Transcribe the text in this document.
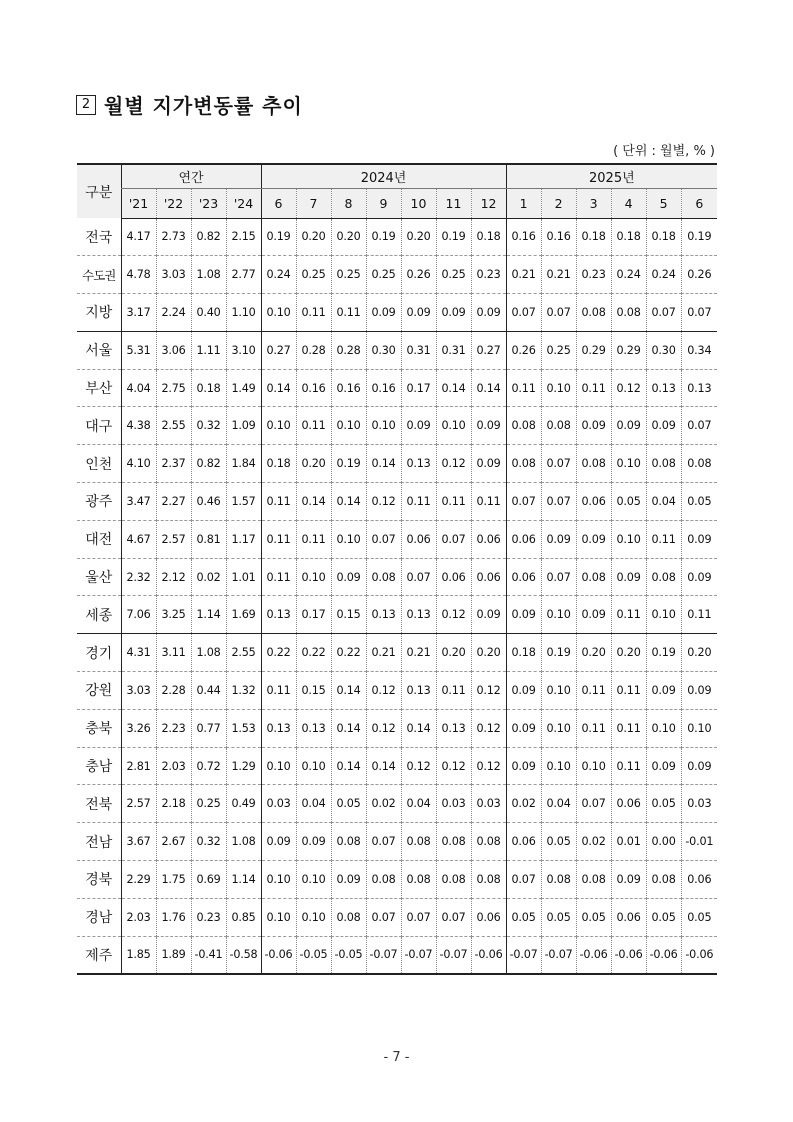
2 월별 지가변동률 추이
( 단위 : 월별, % )
구분	연간				2024년							2025년					
	'21	'22	'23	'24	6	7	8	9	10	11	12	1	2	3	4	5	6
전국	4.17	2.73	0.82	2.15	0.19	0.20	0.20	0.19	0.20	0.19	0.18	0.16	0.16	0.18	0.18	0.18	0.19
수도권	4.78	3.03	1.08	2.77	0.24	0.25	0.25	0.25	0.26	0.25	0.23	0.21	0.21	0.23	0.24	0.24	0.26
지방	3.17	2.24	0.40	1.10	0.10	0.11	0.11	0.09	0.09	0.09	0.09	0.07	0.07	0.08	0.08	0.07	0.07
서울	5.31	3.06	1.11	3.10	0.27	0.28	0.28	0.30	0.31	0.31	0.27	0.26	0.25	0.29	0.29	0.30	0.34
부산	4.04	2.75	0.18	1.49	0.14	0.16	0.16	0.16	0.17	0.14	0.14	0.11	0.10	0.11	0.12	0.13	0.13
대구	4.38	2.55	0.32	1.09	0.10	0.11	0.10	0.10	0.09	0.10	0.09	0.08	0.08	0.09	0.09	0.09	0.07
인천	4.10	2.37	0.82	1.84	0.18	0.20	0.19	0.14	0.13	0.12	0.09	0.08	0.07	0.08	0.10	0.08	0.08
광주	3.47	2.27	0.46	1.57	0.11	0.14	0.14	0.12	0.11	0.11	0.11	0.07	0.07	0.06	0.05	0.04	0.05
대전	4.67	2.57	0.81	1.17	0.11	0.11	0.10	0.07	0.06	0.07	0.06	0.06	0.09	0.09	0.10	0.11	0.09
울산	2.32	2.12	0.02	1.01	0.11	0.10	0.09	0.08	0.07	0.06	0.06	0.06	0.07	0.08	0.09	0.08	0.09
세종	7.06	3.25	1.14	1.69	0.13	0.17	0.15	0.13	0.13	0.12	0.09	0.09	0.10	0.09	0.11	0.10	0.11
경기	4.31	3.11	1.08	2.55	0.22	0.22	0.22	0.21	0.21	0.20	0.20	0.18	0.19	0.20	0.20	0.19	0.20
강원	3.03	2.28	0.44	1.32	0.11	0.15	0.14	0.12	0.13	0.11	0.12	0.09	0.10	0.11	0.11	0.09	0.09
충북	3.26	2.23	0.77	1.53	0.13	0.13	0.14	0.12	0.14	0.13	0.12	0.09	0.10	0.11	0.11	0.10	0.10
충남	2.81	2.03	0.72	1.29	0.10	0.10	0.14	0.14	0.12	0.12	0.12	0.09	0.10	0.10	0.11	0.09	0.09
전북	2.57	2.18	0.25	0.49	0.03	0.04	0.05	0.02	0.04	0.03	0.03	0.02	0.04	0.07	0.06	0.05	0.03
전남	3.67	2.67	0.32	1.08	0.09	0.09	0.08	0.07	0.08	0.08	0.08	0.06	0.05	0.02	0.01	0.00	-0.01
경북	2.29	1.75	0.69	1.14	0.10	0.10	0.09	0.08	0.08	0.08	0.08	0.07	0.08	0.08	0.09	0.08	0.06
경남	2.03	1.76	0.23	0.85	0.10	0.10	0.08	0.07	0.07	0.07	0.06	0.05	0.05	0.05	0.06	0.05	0.05
제주	1.85	1.89	-0.41	-0.58	-0.06	-0.05	-0.05	-0.07	-0.07	-0.07	-0.06	-0.07	-0.07	-0.06	-0.06	-0.06	-0.06
- 7 -
